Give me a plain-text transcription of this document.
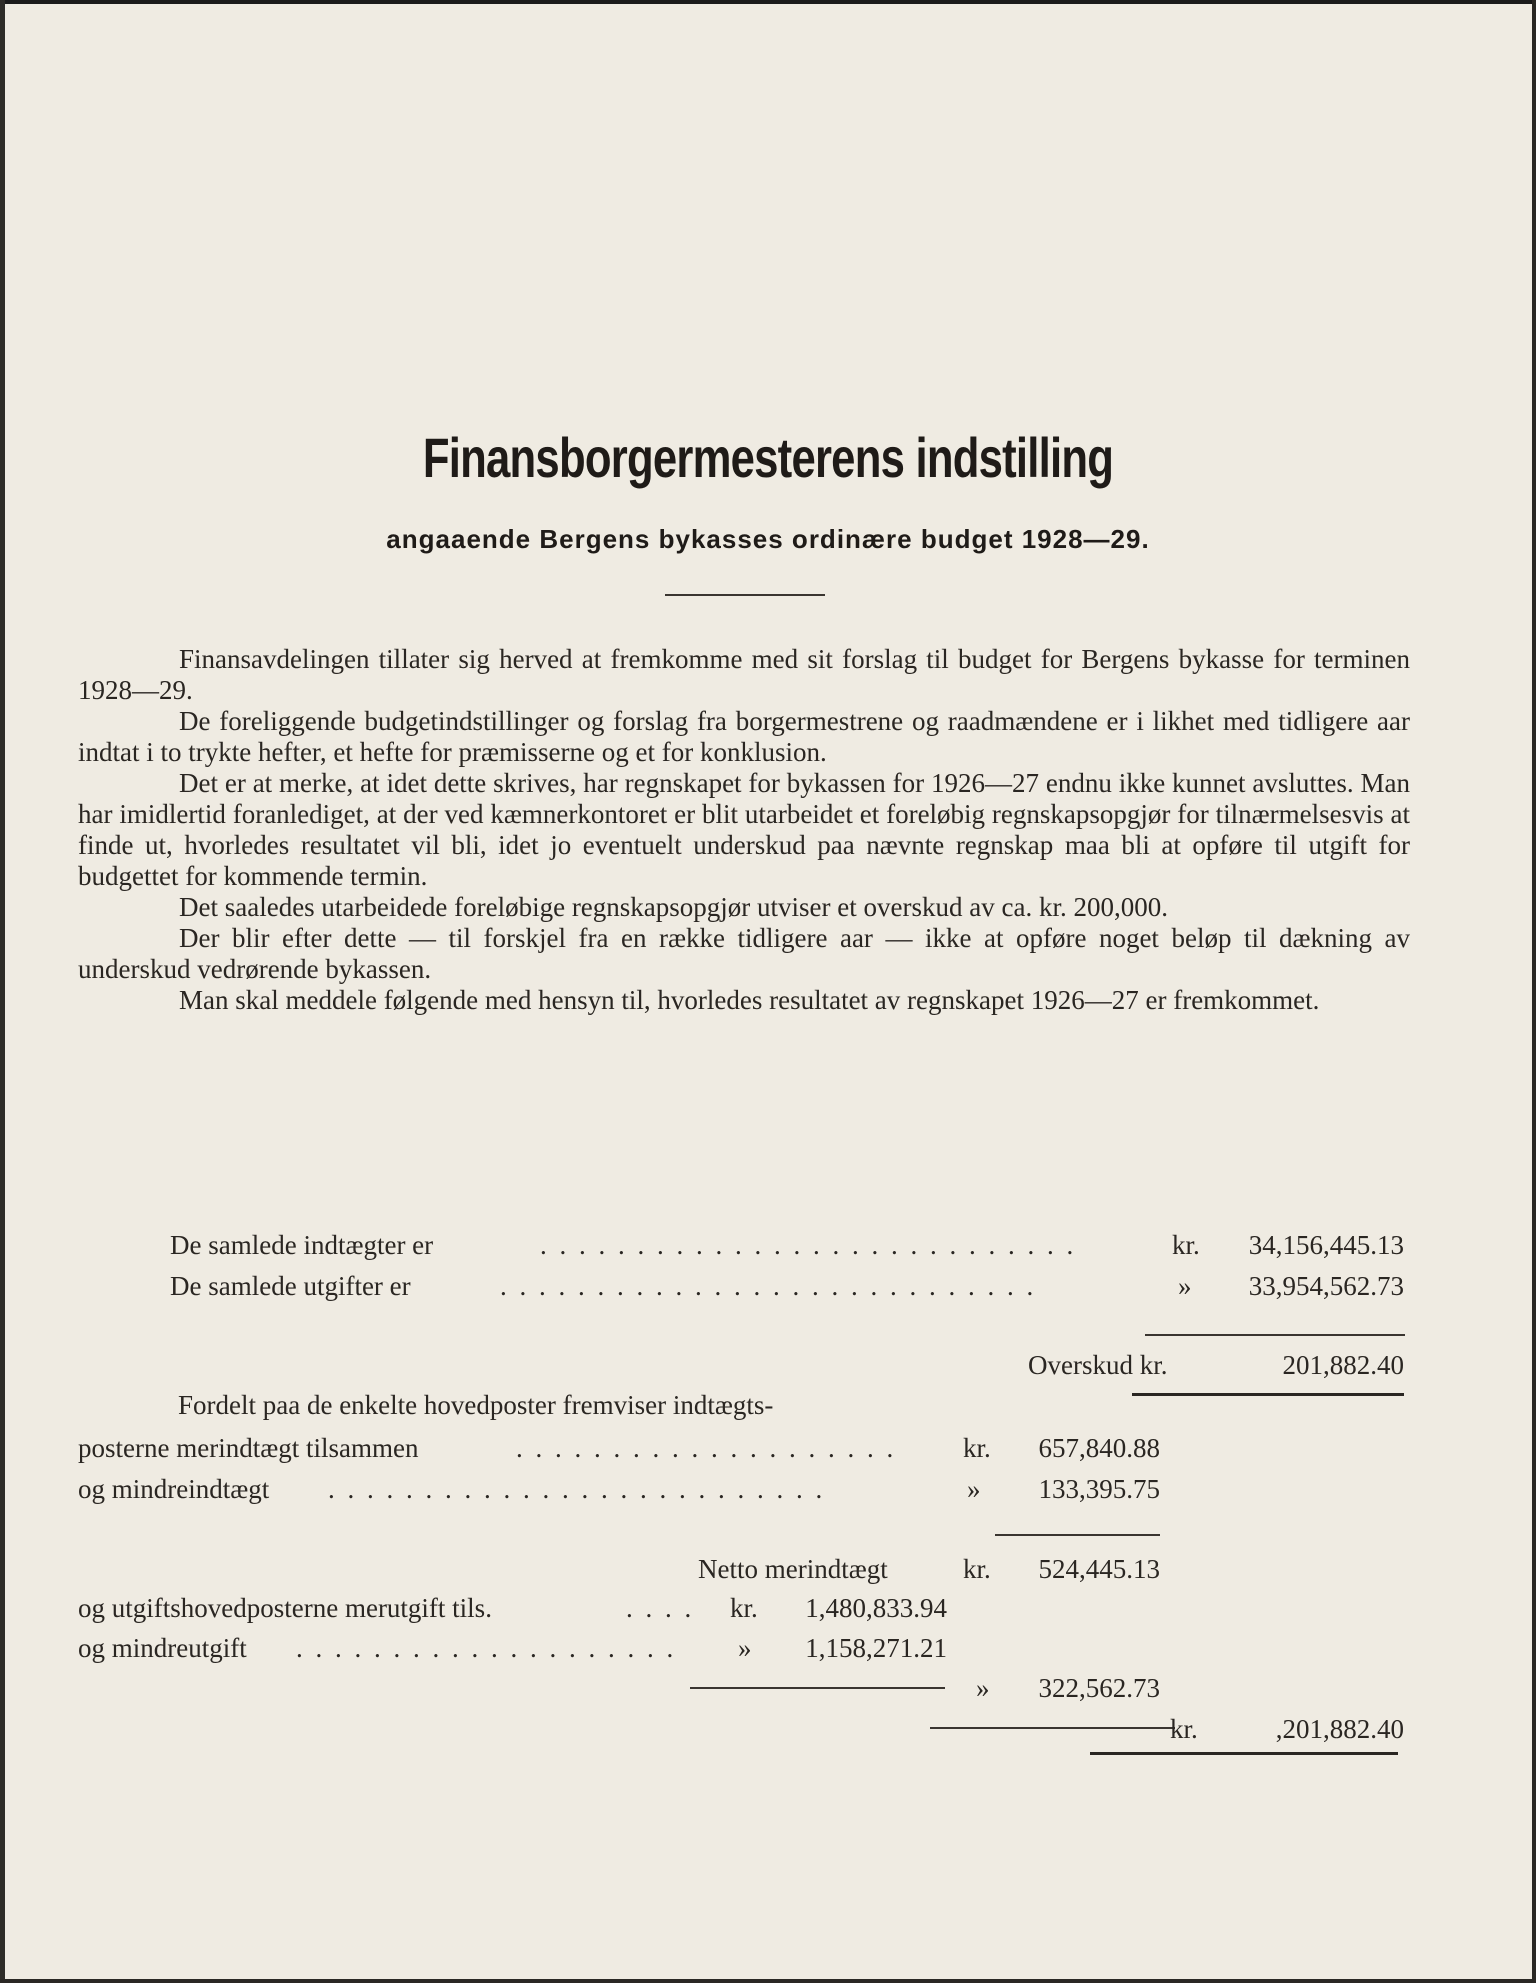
Finansborgermesterens indstilling
angaaende Bergens bykasses ordinære budget 1928—29.

Finansavdelingen tillater sig herved at fremkomme med sit forslag til budget for Bergens bykasse for terminen 1928—29.

De foreliggende budgetindstillinger og forslag fra borgermestrene og raadmændene er i likhet med tidligere aar indtat i to trykte hefter, et hefte for præmisserne og et for konklusion.

Det er at merke, at idet dette skrives, har regnskapet for bykassen for 1926—27 endnu ikke kunnet avsluttes. Man har imidlertid foranlediget, at der ved kæmnerkontoret er blit utarbeidet et foreløbig regnskapsopgjør for tilnærmelsesvis at finde ut, hvorledes resultatet vil bli, idet jo eventuelt underskud paa nævnte regnskap maa bli at opføre til utgift for budgettet for kommende termin.

Det saaledes utarbeidede foreløbige regnskapsopgjør utviser et overskud av ca. kr. 200,000.

Der blir efter dette — til forskjel fra en række tidligere aar — ikke at opføre noget beløp til dækning av underskud vedrørende bykassen.

Man skal meddele følgende med hensyn til, hvorledes resultatet av regnskapet 1926—27 er fremkommet.

De samlede indtægter er	. . . . . . . . . . . . . . . . . . . . . . . . . . . .	kr.	34,156,445.13
De samlede utgifter er	. . . . . . . . . . . . . . . . . . . . . . . . . . . .	»	33,954,562.73
Overskud kr.	201,882.40
Fordelt paa de enkelte hovedposter fremviser indtægts-
posterne merindtægt tilsammen	. . . . . . . . . . . . . . . . . . . . kr.	657,840.88
og mindreindtægt . . . . . . . . . . . . . . . . . . . . . . . . . .	»	133,395.75
Netto merindtægt	kr.	524,445.13
og utgiftshovedposterne merutgift tils.	. . . . kr.	1,480,833.94
og mindreutgift . . . . . . . . . . . . . . . . . . . . »	1,158,271.21
»	322,562.73
kr.	,201,882.40
